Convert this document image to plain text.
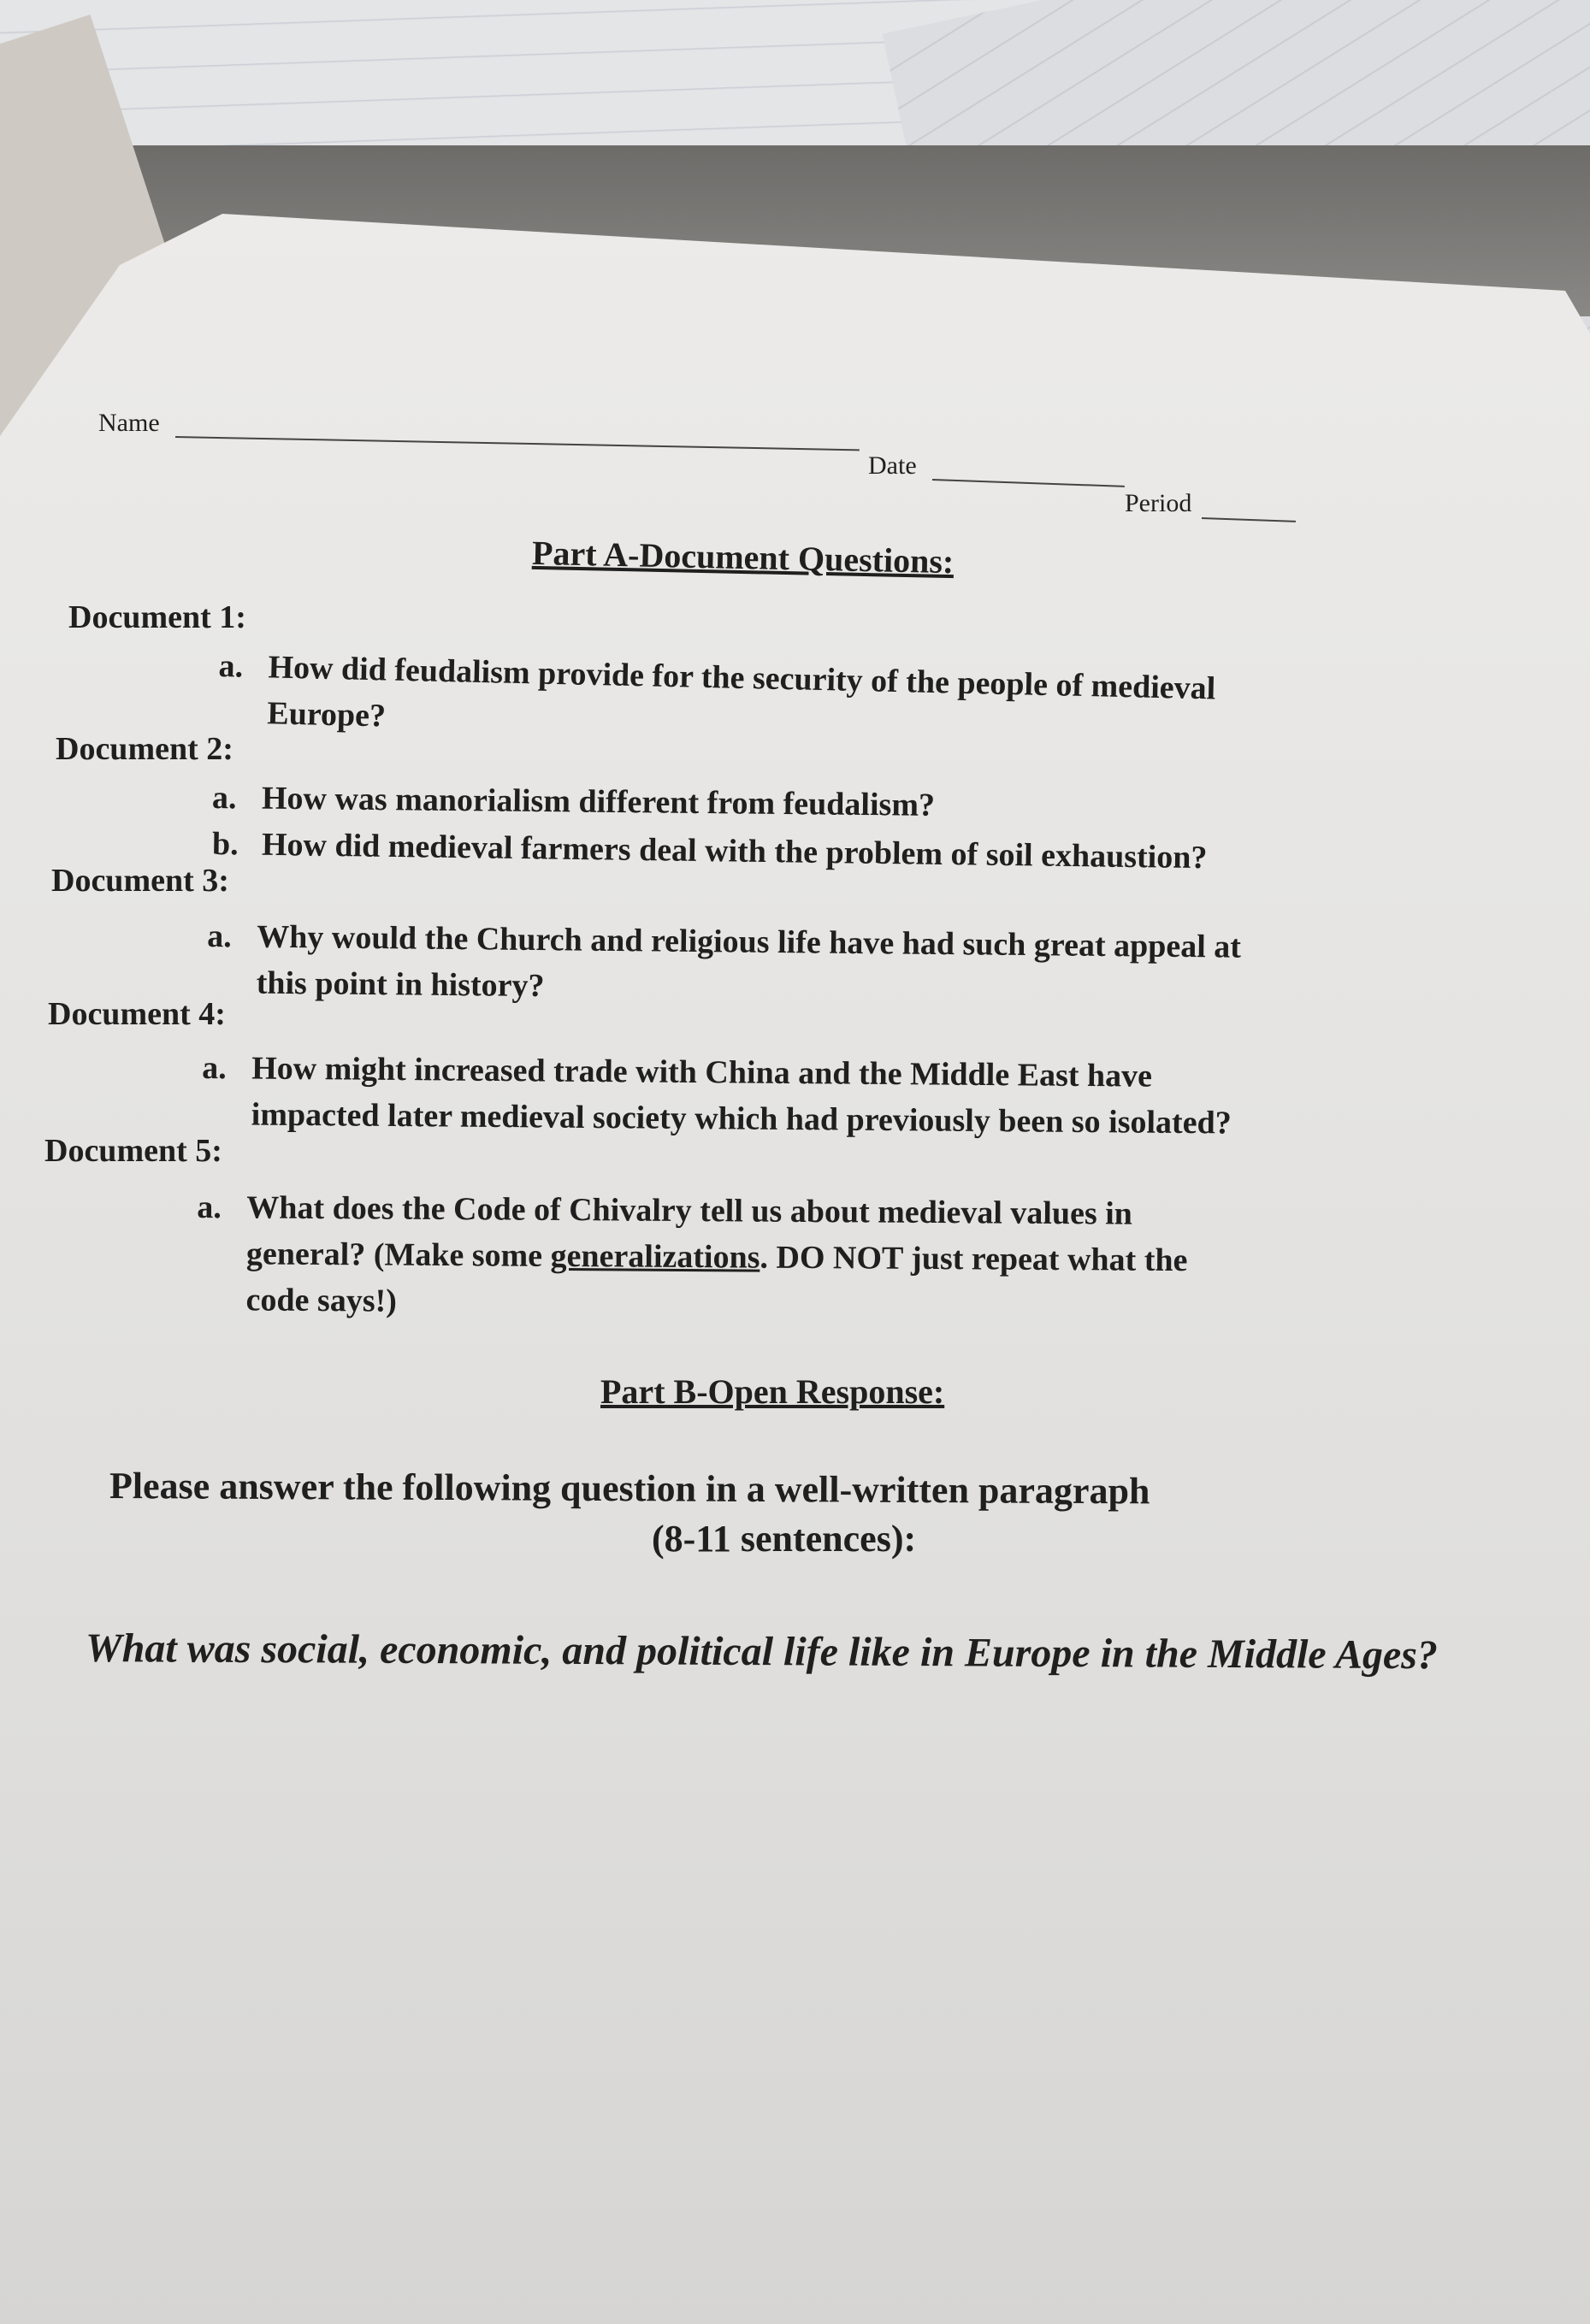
Name
Date
Period
Part A-Document Questions:
Document 1:
a. How did feudalism provide for the security of the people of medieval
Europe?
Document 2:
a. How was manorialism different from feudalism?
b. How did medieval farmers deal with the problem of soil exhaustion?
Document 3:
a. Why would the Church and religious life have had such great appeal at
this point in history?
Document 4:
a. How might increased trade with China and the Middle East have
impacted later medieval society which had previously been so isolated?
Document 5:
a. What does the Code of Chivalry tell us about medieval values in
general? (Make some generalizations. DO NOT just repeat what the
code says!)
Part B-Open Response:
Please answer the following question in a well-written paragraph
(8-11 sentences):
What was social, economic, and political life like in Europe in the Middle Ages?
